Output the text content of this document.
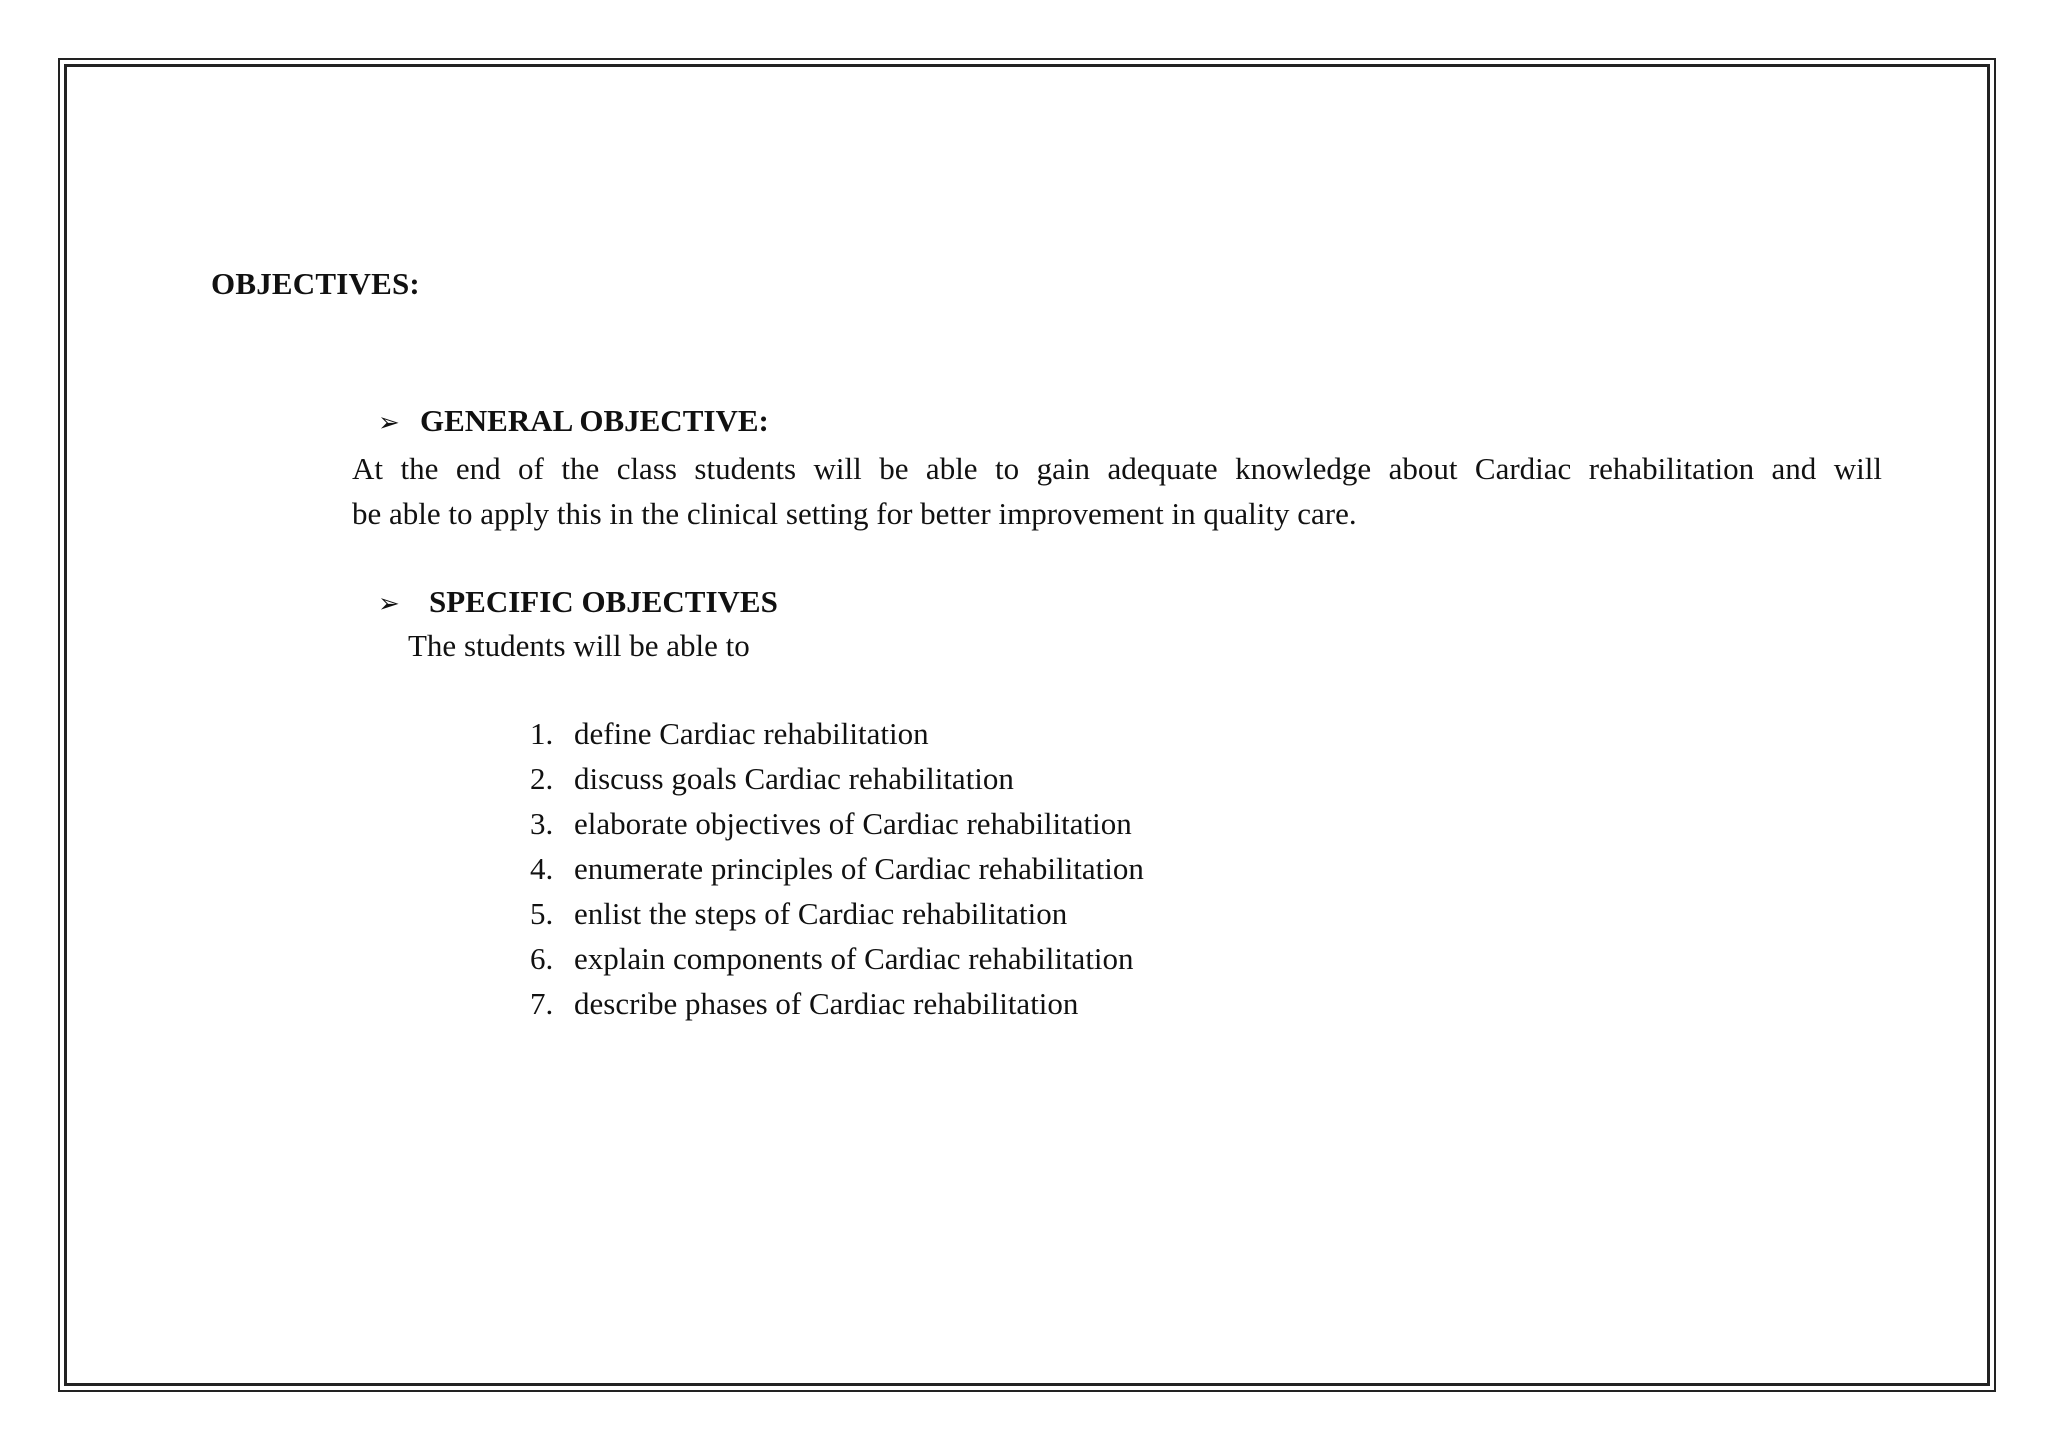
OBJECTIVES:
➢ GENERAL OBJECTIVE:
At the end of the class students will be able to gain adequate knowledge about Cardiac rehabilitation and will
be able to apply this in the clinical setting for better improvement in quality care.
➢ SPECIFIC OBJECTIVES
The students will be able to
1. define Cardiac rehabilitation
2. discuss goals Cardiac rehabilitation
3. elaborate objectives of Cardiac rehabilitation
4. enumerate principles of Cardiac rehabilitation
5. enlist the steps of Cardiac rehabilitation
6. explain components of Cardiac rehabilitation
7. describe phases of Cardiac rehabilitation
